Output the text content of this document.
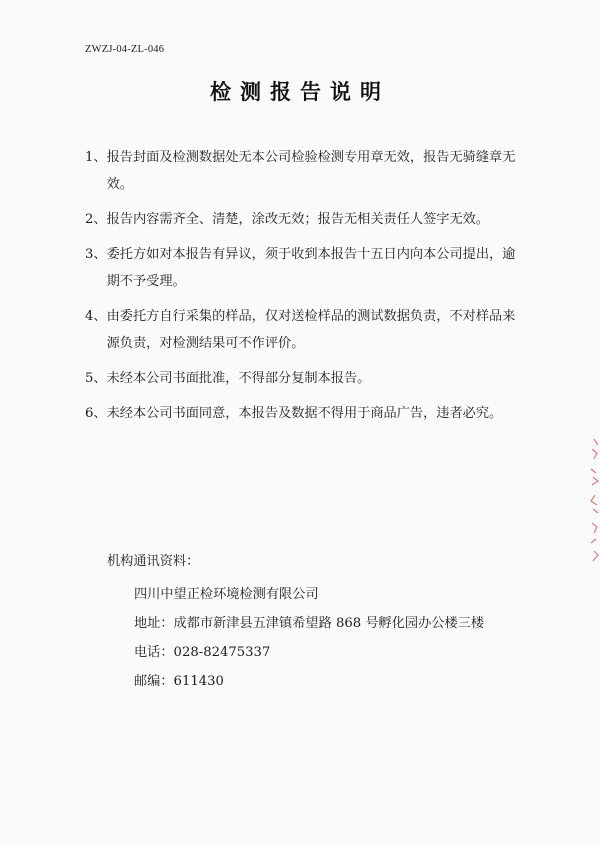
ZWZJ-04-ZL-046
检测报告说明
1、 报告封面及检测数据处无本公司检验检测专用章无效，报告无骑缝章无效。
2、 报告内容需齐全、清楚，涂改无效；报告无相关责任人签字无效。
3、 委托方如对本报告有异议，须于收到本报告十五日内向本公司提出，逾期不予受理。
4、 由委托方自行采集的样品，仅对送检样品的测试数据负责，不对样品来源负责，对检测结果可不作评价。
5、 未经本公司书面批准，不得部分复制本报告。
6、 未经本公司书面同意，本报告及数据不得用于商品广告，违者必究。
机构通讯资料：
四川中望正检环境检测有限公司
地址：成都市新津县五津镇希望路 868 号孵化园办公楼三楼
电话：028-82475337
邮编：611430
